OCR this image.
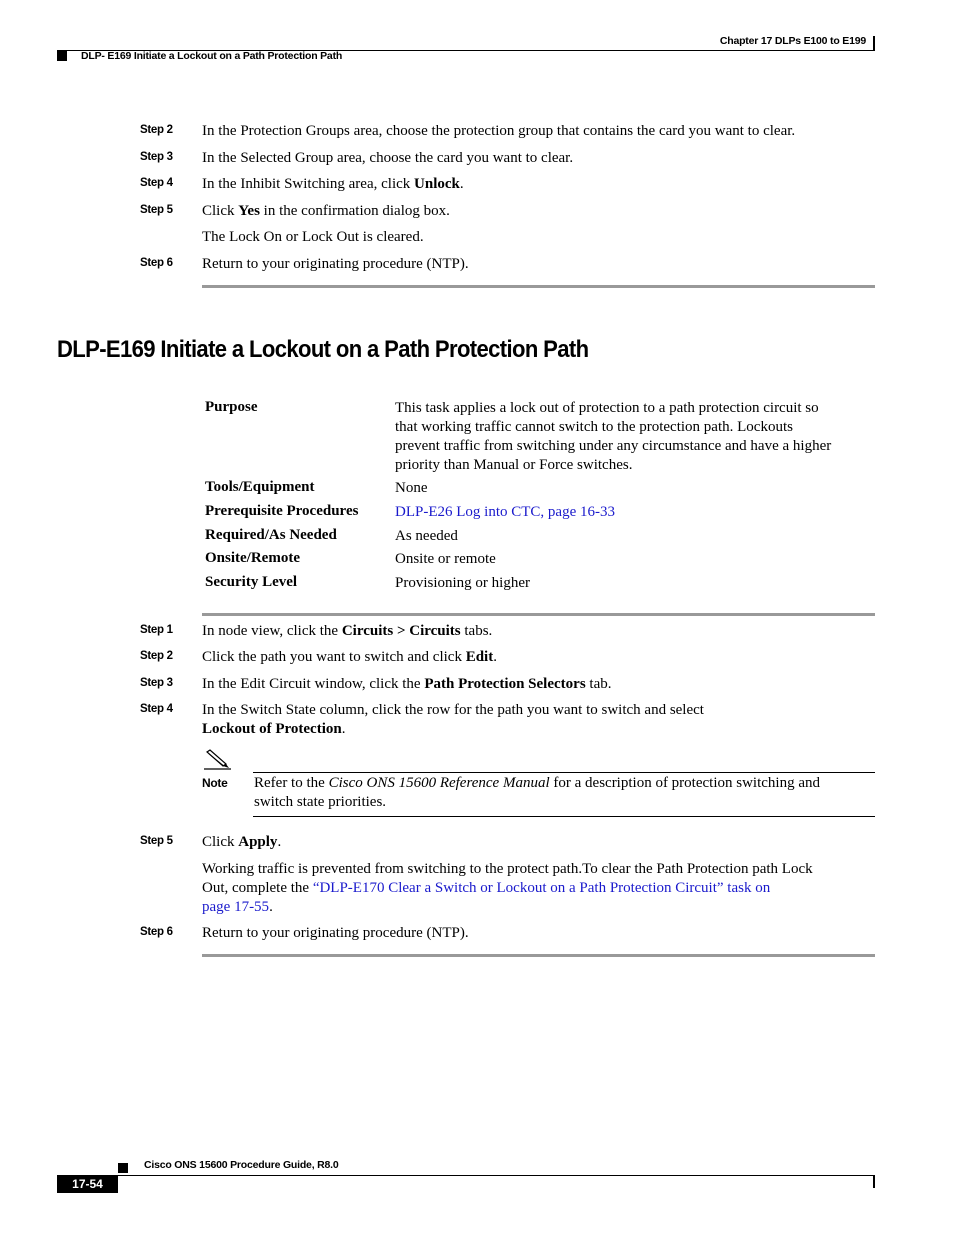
Chapter 17 DLPs E100 to E199
DLP- E169 Initiate a Lockout on a Path Protection Path
Step 2 In the Protection Groups area, choose the protection group that contains the card you want to clear.
Step 3 In the Selected Group area, choose the card you want to clear.
Step 4 In the Inhibit Switching area, click Unlock.
Step 5 Click Yes in the confirmation dialog box.
The Lock On or Lock Out is cleared.
Step 6 Return to your originating procedure (NTP).
DLP-E169 Initiate a Lockout on a Path Protection Path
Purpose	This task applies a lock out of protection to a path protection circuit so
that working traffic cannot switch to the protection path. Lockouts
prevent traffic from switching under any circumstance and have a higher
priority than Manual or Force switches.
Tools/Equipment	None
Prerequisite Procedures DLP-E26 Log into CTC, page 16-33
Required/As Needed	As needed
Onsite/Remote	Onsite or remote
Security Level	Provisioning or higher
Step 1 In node view, click the Circuits > Circuits tabs.
Step 2 Click the path you want to switch and click Edit.
Step 3 In the Edit Circuit window, click the Path Protection Selectors tab.
Step 4 In the Switch State column, click the row for the path you want to switch and select
Lockout of Protection.
Note Refer to the Cisco ONS 15600 Reference Manual for a description of protection switching and
switch state priorities.
Step 5 Click Apply.
Working traffic is prevented from switching to the protect path.To clear the Path Protection path Lock
Out, complete the “DLP-E170 Clear a Switch or Lockout on a Path Protection Circuit” task on
page 17-55.
Step 6 Return to your originating procedure (NTP).
Cisco ONS 15600 Procedure Guide, R8.0
17-54
